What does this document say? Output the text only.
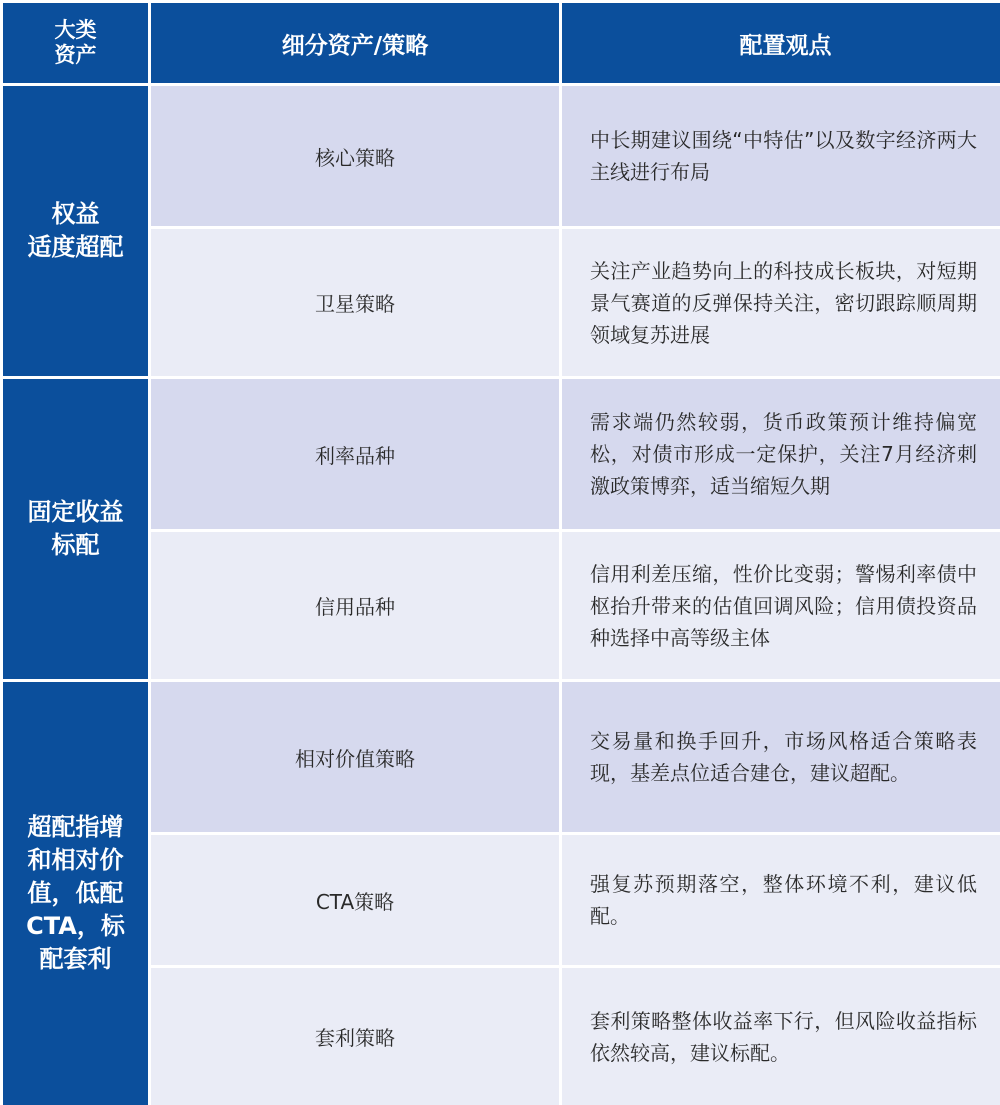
大类
资产	细分资产/策略	配置观点
权益
适度超配
核心策略
中长期建议围绕“中特估”以及数字经济两大主线进行布局
卫星策略
关注产业趋势向上的科技成长板块，对短期景气赛道的反弹保持关注，密切跟踪顺周期领域复苏进展
固定收益
标配
利率品种
需求端仍然较弱，货币政策预计维持偏宽松，对债市形成一定保护，关注7月经济刺激政策博弈，适当缩短久期
信用品种
信用利差压缩，性价比变弱；警惕利率债中枢抬升带来的估值回调风险；信用债投资品种选择中高等级主体
超配指增
和相对价
值，低配
CTA，标
配套利
相对价值策略
交易量和换手回升，市场风格适合策略表现，基差点位适合建仓，建议超配。
CTA策略
强复苏预期落空，整体环境不利，建议低配。
套利策略
套利策略整体收益率下行，但风险收益指标依然较高，建议标配。
